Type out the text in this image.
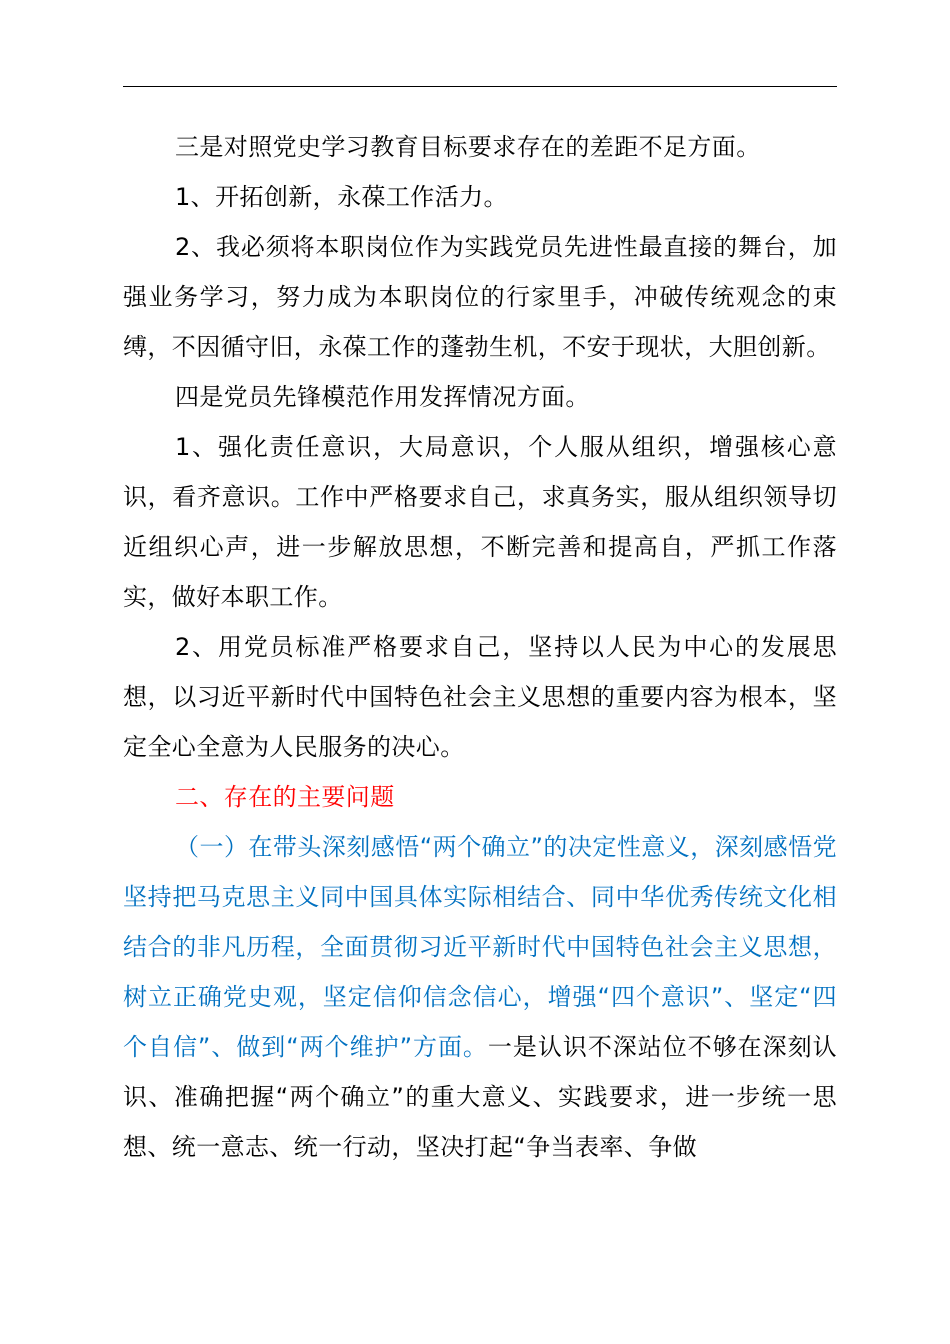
三是对照党史学习教育目标要求存在的差距不足方面。

1、开拓创新，永葆工作活力。

2、我必须将本职岗位作为实践党员先进性最直接的舞台，加强业务学习，努力成为本职岗位的行家里手，冲破传统观念的束缚，不因循守旧，永葆工作的蓬勃生机，不安于现状，大胆创新。

四是党员先锋模范作用发挥情况方面。

1、强化责任意识，大局意识，个人服从组织，增强核心意识，看齐意识。工作中严格要求自己，求真务实，服从组织领导切近组织心声，进一步解放思想，不断完善和提高自，严抓工作落实，做好本职工作。

2、用党员标准严格要求自己，坚持以人民为中心的发展思想，以习近平新时代中国特色社会主义思想的重要内容为根本，坚定全心全意为人民服务的决心。

二、存在的主要问题

（一）在带头深刻感悟“两个确立”的决定性意义，深刻感悟党坚持把马克思主义同中国具体实际相结合、同中华优秀传统文化相结合的非凡历程，全面贯彻习近平新时代中国特色社会主义思想，树立正确党史观，坚定信仰信念信心，增强“四个意识”、坚定“四个自信”、做到“两个维护”方面。一是认识不深站位不够在深刻认识、准确把握“两个确立”的重大意义、实践要求，进一步统一思想、统一意志、统一行动，坚决打起“争当表率、争做
